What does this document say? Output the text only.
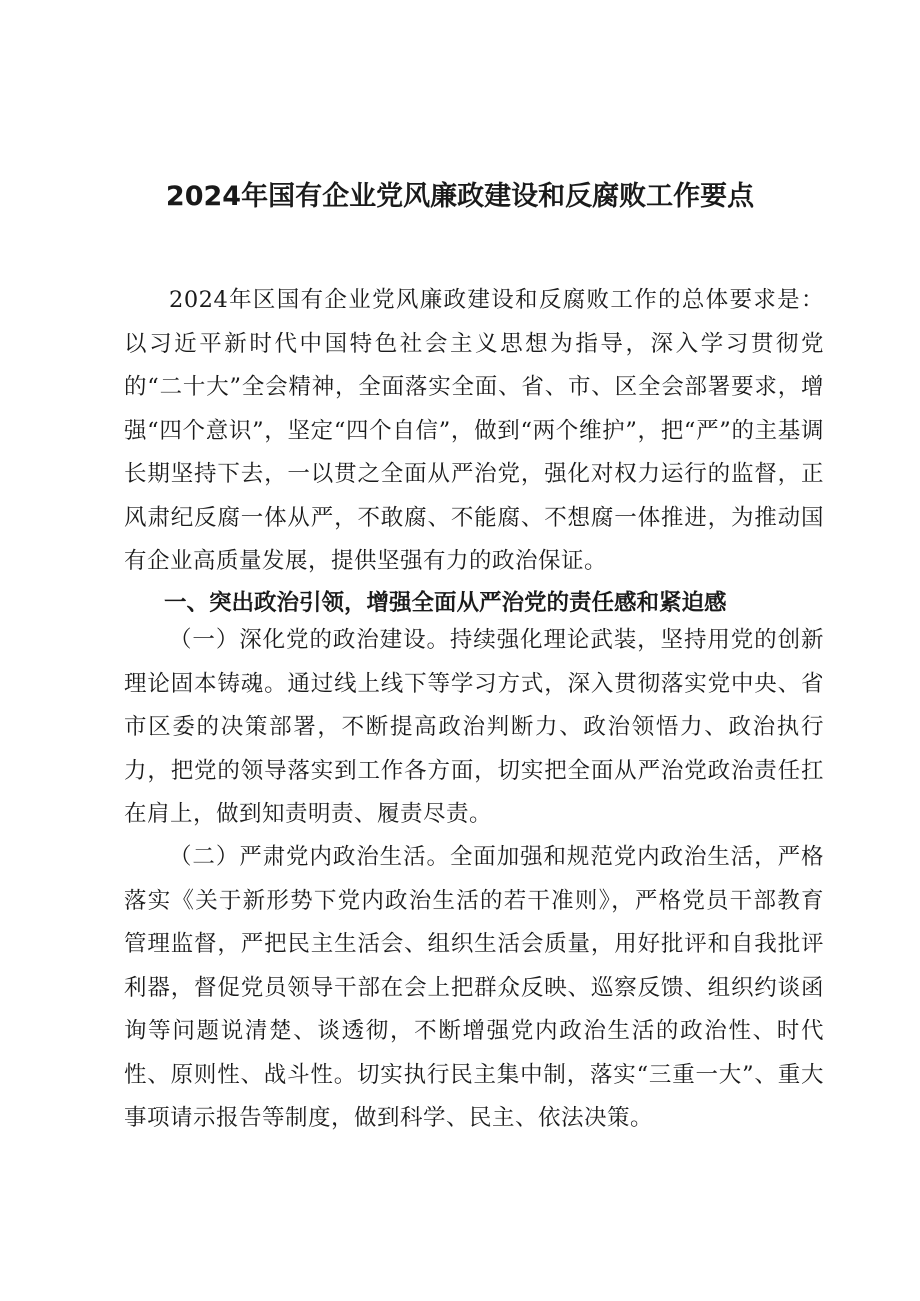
2024年国有企业党风廉政建设和反腐败工作要点

2024年区国有企业党风廉政建设和反腐败工作的总体要求是：以习近平新时代中国特色社会主义思想为指导，深入学习贯彻党的“二十大”全会精神，全面落实全面、省、市、区全会部署要求，增强“四个意识”，坚定“四个自信”，做到“两个维护”，把“严”的主基调长期坚持下去，一以贯之全面从严治党，强化对权力运行的监督，正风肃纪反腐一体从严，不敢腐、不能腐、不想腐一体推进，为推动国有企业高质量发展，提供坚强有力的政治保证。

一、突出政治引领，增强全面从严治党的责任感和紧迫感

（一）深化党的政治建设。持续强化理论武装，坚持用党的创新理论固本铸魂。通过线上线下等学习方式，深入贯彻落实党中央、省市区委的决策部署，不断提高政治判断力、政治领悟力、政治执行力，把党的领导落实到工作各方面，切实把全面从严治党政治责任扛在肩上，做到知责明责、履责尽责。

（二）严肃党内政治生活。全面加强和规范党内政治生活，严格落实《关于新形势下党内政治生活的若干准则》，严格党员干部教育管理监督，严把民主生活会、组织生活会质量，用好批评和自我批评利器，督促党员领导干部在会上把群众反映、巡察反馈、组织约谈函询等问题说清楚、谈透彻，不断增强党内政治生活的政治性、时代性、原则性、战斗性。切实执行民主集中制，落实“三重一大”、重大事项请示报告等制度，做到科学、民主、依法决策。
